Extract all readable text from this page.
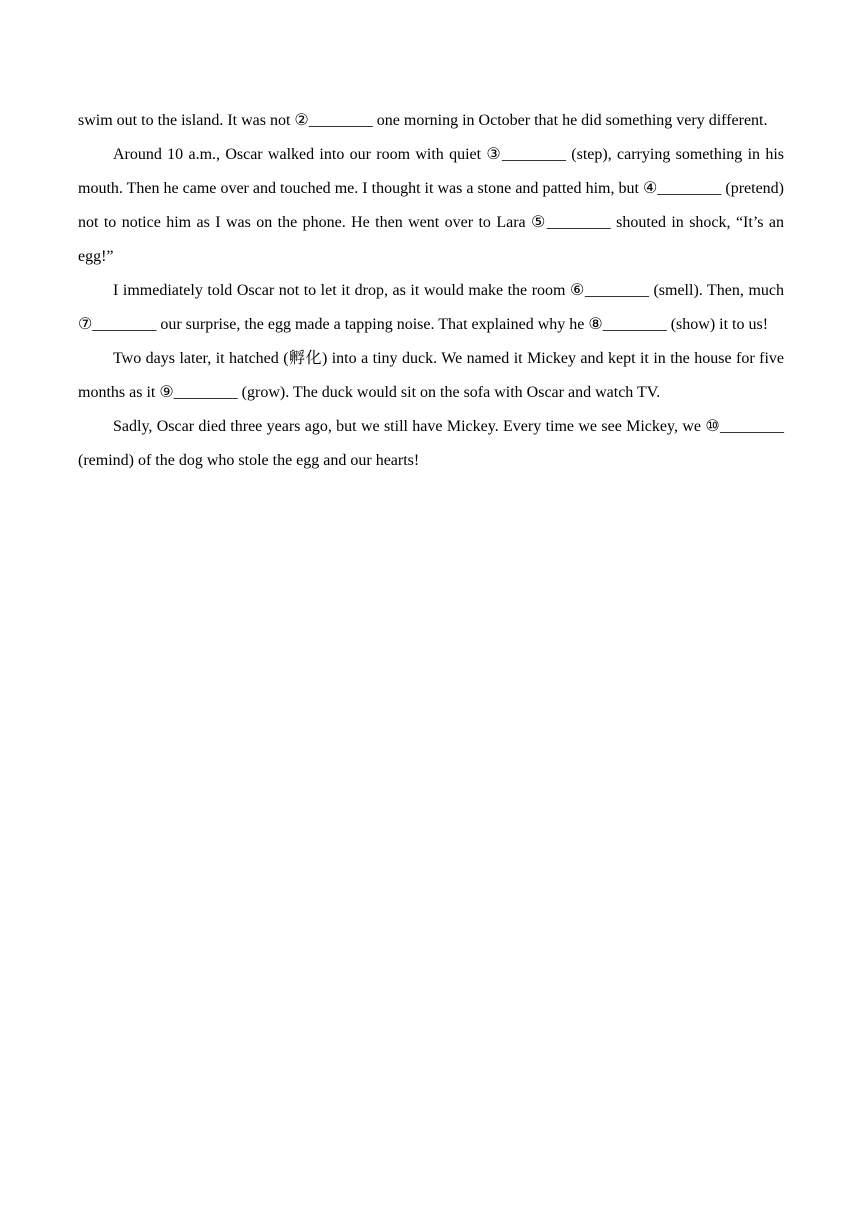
swim out to the island. It was not ②________ one morning in October that he did something very different.

Around 10 a.m., Oscar walked into our room with quiet ③________ (step), carrying something in his mouth. Then he came over and touched me. I thought it was a stone and patted him, but ④________ (pretend) not to notice him as I was on the phone. He then went over to Lara ⑤________ shouted in shock, “It’s an egg!”

I immediately told Oscar not to let it drop, as it would make the room ⑥________ (smell). Then, much ⑦________ our surprise, the egg made a tapping noise. That explained why he ⑧________ (show) it to us!

Two days later, it hatched (孵化) into a tiny duck. We named it Mickey and kept it in the house for five months as it ⑨________ (grow). The duck would sit on the sofa with Oscar and watch TV.

Sadly, Oscar died three years ago, but we still have Mickey. Every time we see Mickey, we ⑩________ (remind) of the dog who stole the egg and our hearts!
